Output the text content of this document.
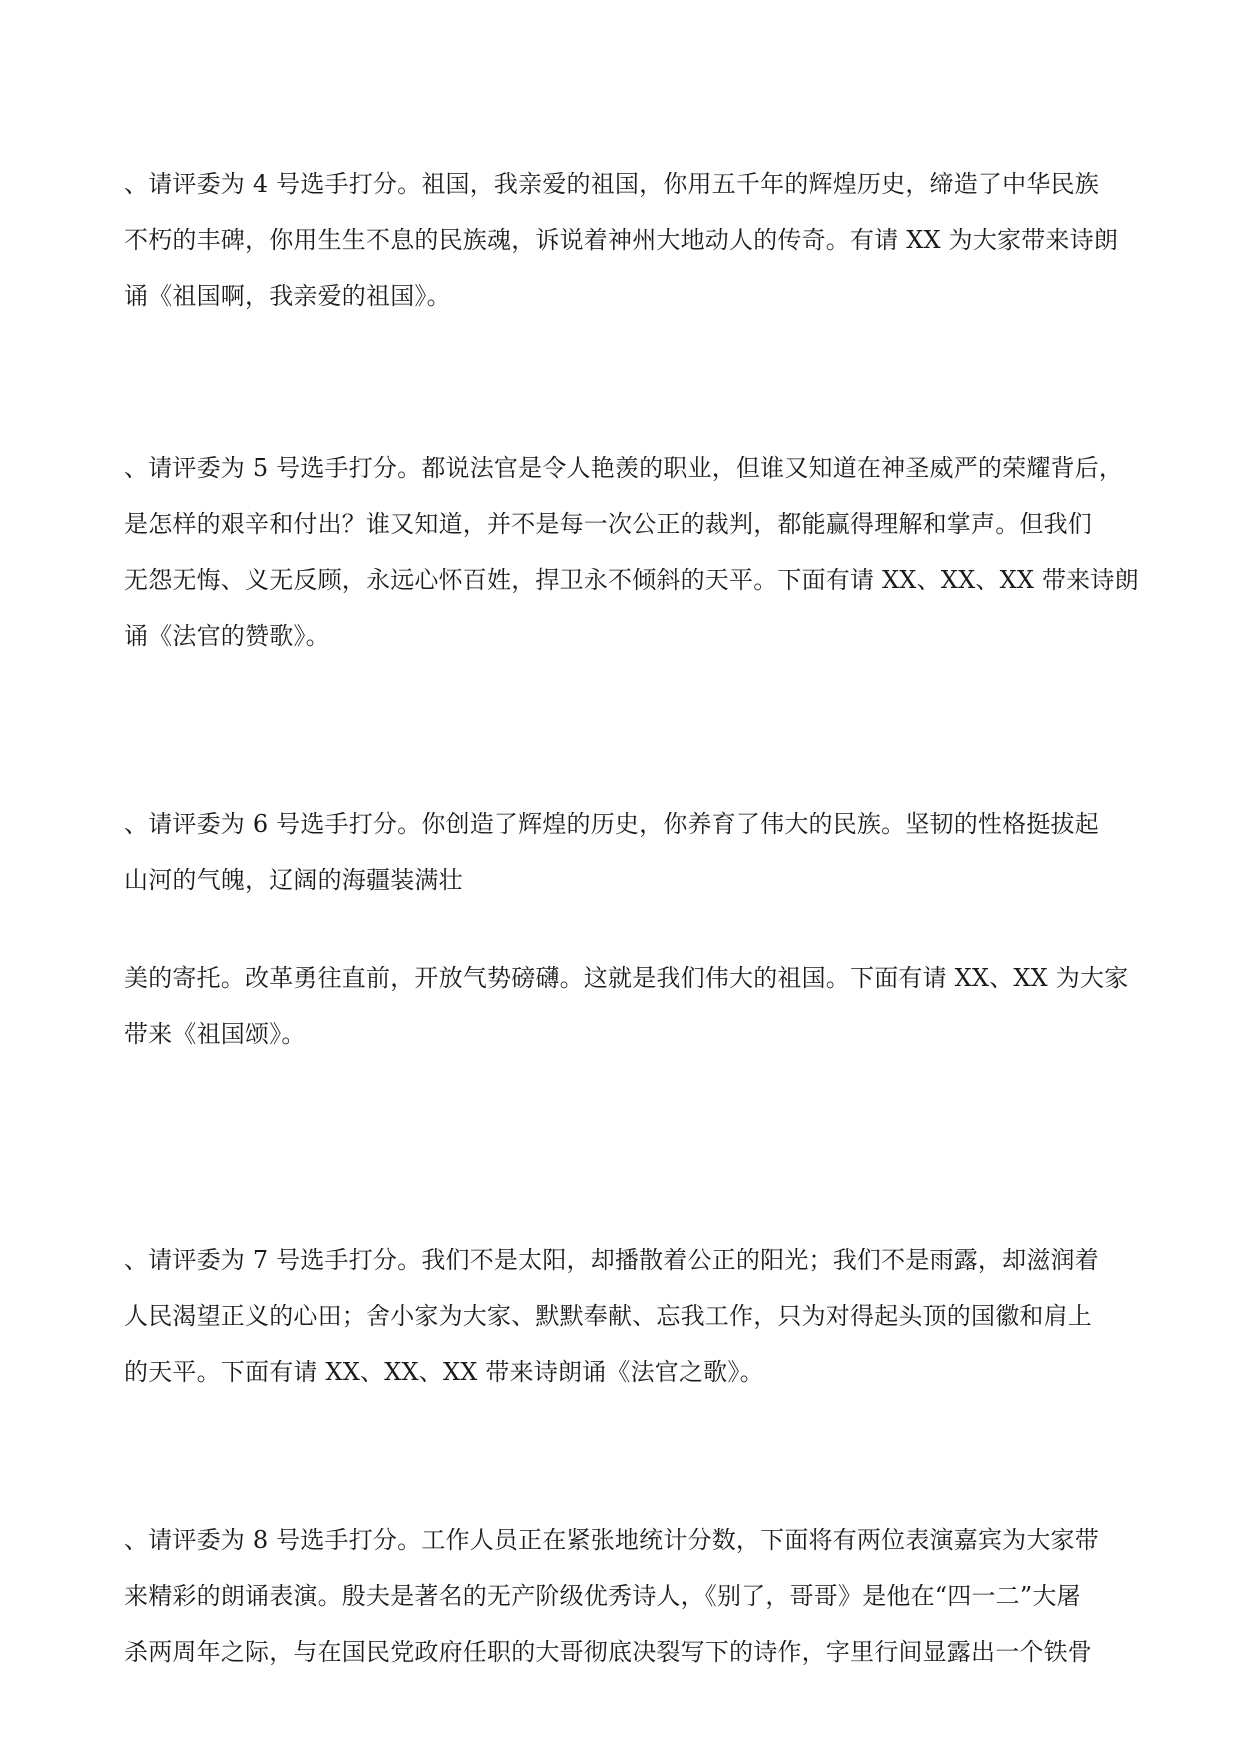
、请评委为 4 号选手打分。祖国，我亲爱的祖国，你用五千年的辉煌历史，缔造了中华民族
不朽的丰碑，你用生生不息的民族魂，诉说着神州大地动人的传奇。有请 XX 为大家带来诗朗
诵《祖国啊，我亲爱的祖国》。
、请评委为 5 号选手打分。都说法官是令人艳羡的职业，但谁又知道在神圣威严的荣耀背后，
是怎样的艰辛和付出？谁又知道，并不是每一次公正的裁判，都能赢得理解和掌声。但我们
无怨无悔、义无反顾，永远心怀百姓，捍卫永不倾斜的天平。下面有请 XX、XX、XX 带来诗朗
诵《法官的赞歌》。
、请评委为 6 号选手打分。你创造了辉煌的历史，你养育了伟大的民族。坚韧的性格挺拔起
山河的气魄，辽阔的海疆装满壮
美的寄托。改革勇往直前，开放气势磅礴。这就是我们伟大的祖国。下面有请 XX、XX 为大家
带来《祖国颂》。
、请评委为 7 号选手打分。我们不是太阳，却播散着公正的阳光；我们不是雨露，却滋润着
人民渴望正义的心田；舍小家为大家、默默奉献、忘我工作，只为对得起头顶的国徽和肩上
的天平。下面有请 XX、XX、XX 带来诗朗诵《法官之歌》。
、请评委为 8 号选手打分。工作人员正在紧张地统计分数，下面将有两位表演嘉宾为大家带
来精彩的朗诵表演。殷夫是著名的无产阶级优秀诗人，《别了，哥哥》是他在“四一二”大屠
杀两周年之际，与在国民党政府任职的大哥彻底决裂写下的诗作，字里行间显露出一个铁骨
